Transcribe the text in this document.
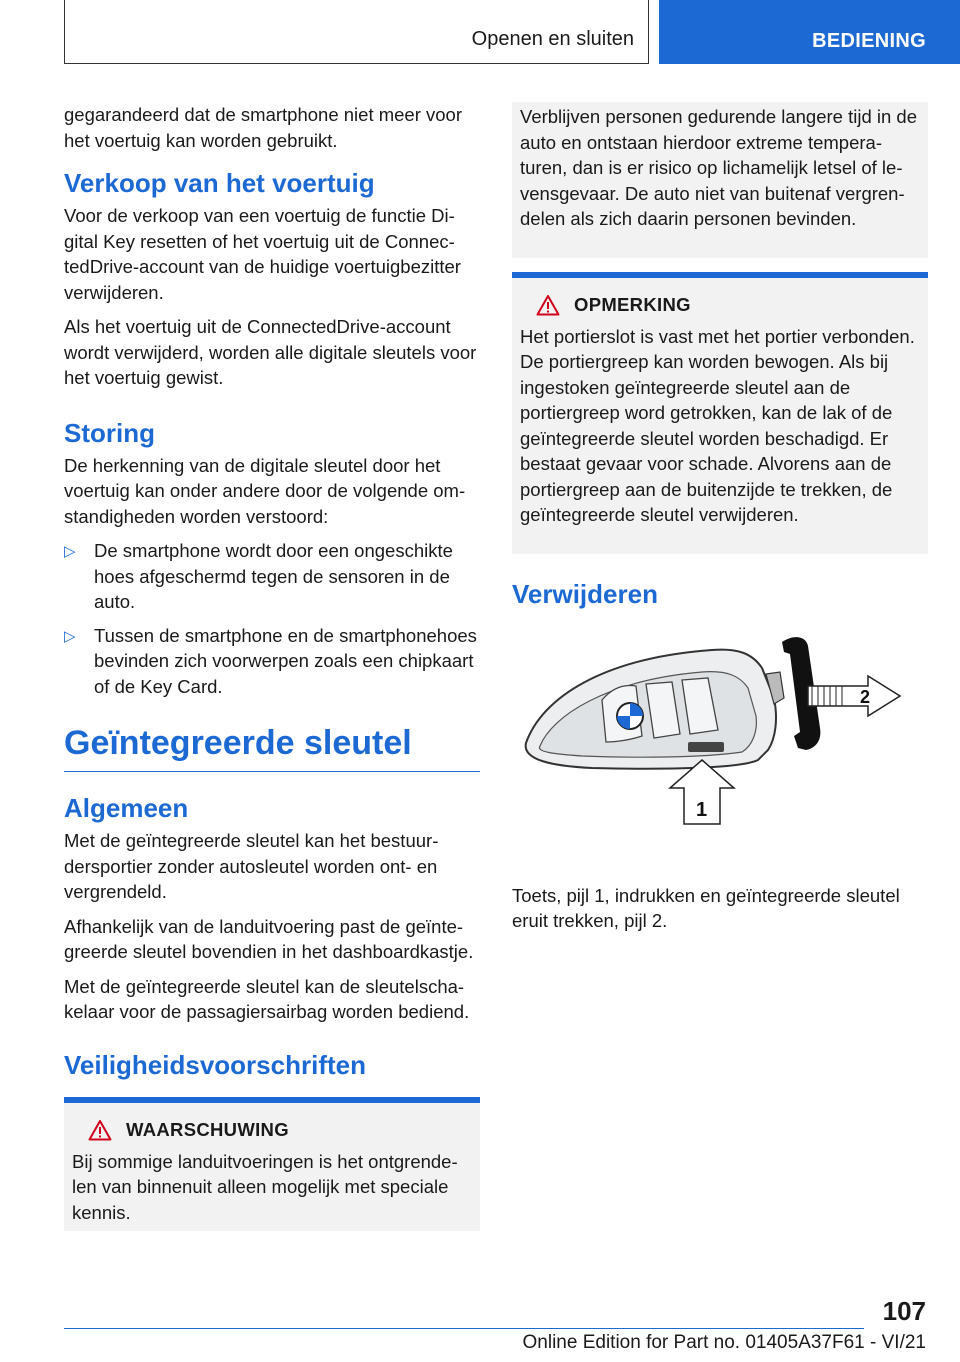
Openen en sluiten	BEDIENING

gegarandeerd dat de smartphone niet meer voor het voertuig kan worden gebruikt.

Verkoop van het voertuig

Voor de verkoop van een voertuig de functie Digital Key resetten of het voertuig uit de ConnectedDrive-account van de huidige voertuigbezitter verwijderen.

Als het voertuig uit de ConnectedDrive-account wordt verwijderd, worden alle digitale sleutels voor het voertuig gewist.

Storing

De herkenning van de digitale sleutel door het voertuig kan onder andere door de volgende omstandigheden worden verstoord:

▷ De smartphone wordt door een ongeschikte hoes afgeschermd tegen de sensoren in de auto.
▷ Tussen de smartphone en de smartphonehoes bevinden zich voorwerpen zoals een chipkaart of de Key Card.
Geïntegreerde sleutel
Algemeen

Met de geïntegreerde sleutel kan het bestuurdersportier zonder autosleutel worden ont- en vergrendeld.

Afhankelijk van de landuitvoering past de geïntegreerde sleutel bovendien in het dashboardkastje.

Met de geïntegreerde sleutel kan de sleutelschakelaar voor de passagiersairbag worden bediend.

Veiligheidsvoorschriften
WAARSCHUWING

Bij sommige landuitvoeringen is het ontgrendelen van binnenuit alleen mogelijk met speciale kennis.

Verblijven personen gedurende langere tijd in de auto en ontstaan hierdoor extreme temperaturen, dan is er risico op lichamelijk letsel of levensgevaar. De auto niet van buitenaf vergrendelen als zich daarin personen bevinden.

OPMERKING

Het portierslot is vast met het portier verbonden. De portiergreep kan worden bewogen. Als bij ingestoken geïntegreerde sleutel aan de portiergreep word getrokken, kan de lak of de geïntegreerde sleutel worden beschadigd. Er bestaat gevaar voor schade. Alvorens aan de portiergreep aan de buitenzijde te trekken, de geïntegreerde sleutel verwijderen.

Verwijderen
2
1

Toets, pijl 1, indrukken en geïntegreerde sleutel eruit trekken, pijl 2.

107
Online Edition for Part no. 01405A37F61 - VI/21
